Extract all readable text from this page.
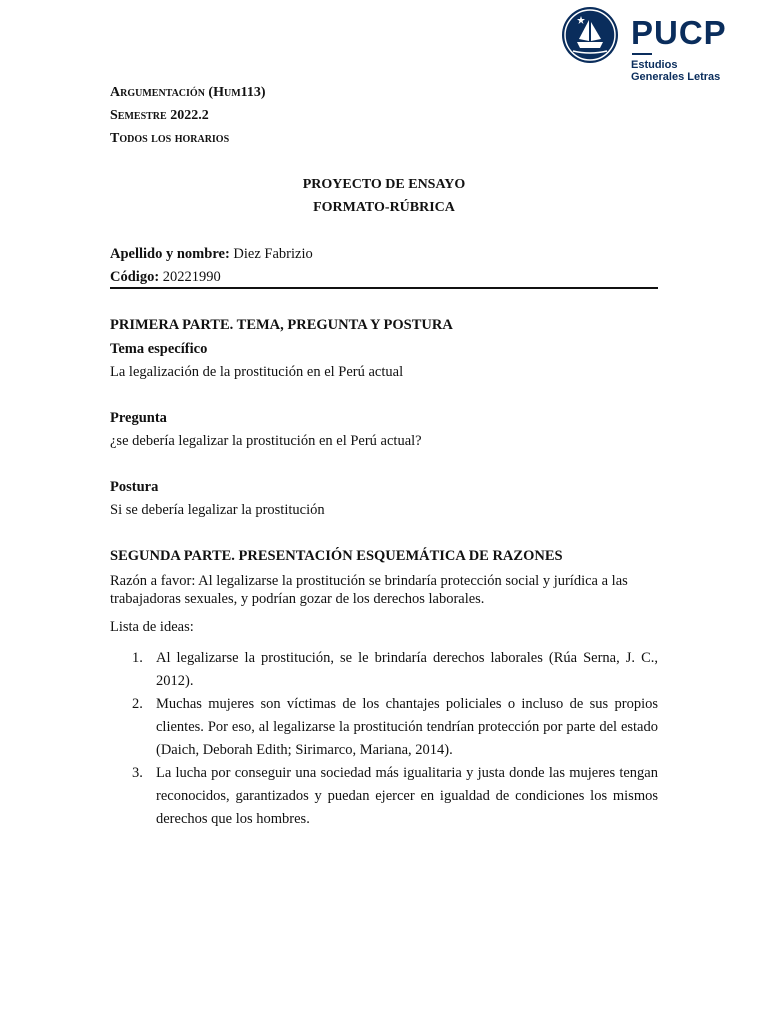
PUCP
Estudios
Generales Letras
Argumentación (Hum113)
Semestre 2022.2
Todos los horarios
PROYECTO DE ENSAYO
FORMATO-RÚBRICA
Apellido y nombre: Diez Fabrizio
Código: 20221990
PRIMERA PARTE. TEMA, PREGUNTA Y POSTURA
Tema específico
La legalización de la prostitución en el Perú actual
Pregunta
¿se debería legalizar la prostitución en el Perú actual?
Postura
Si se debería legalizar la prostitución
SEGUNDA PARTE. PRESENTACIÓN ESQUEMÁTICA DE RAZONES
Razón a favor: Al legalizarse la prostitución se brindaría protección social y jurídica a las trabajadoras sexuales, y podrían gozar de los derechos laborales.
Lista de ideas:
1. Al legalizarse la prostitución, se le brindaría derechos laborales (Rúa Serna, J. C., 2012).
2. Muchas mujeres son víctimas de los chantajes policiales o incluso de sus propios clientes. Por eso, al legalizarse la prostitución tendrían protección por parte del estado (Daich, Deborah Edith; Sirimarco, Mariana, 2014).
3. La lucha por conseguir una sociedad más igualitaria y justa donde las mujeres tengan reconocidos, garantizados y puedan ejercer en igualdad de condiciones los mismos derechos que los hombres.
